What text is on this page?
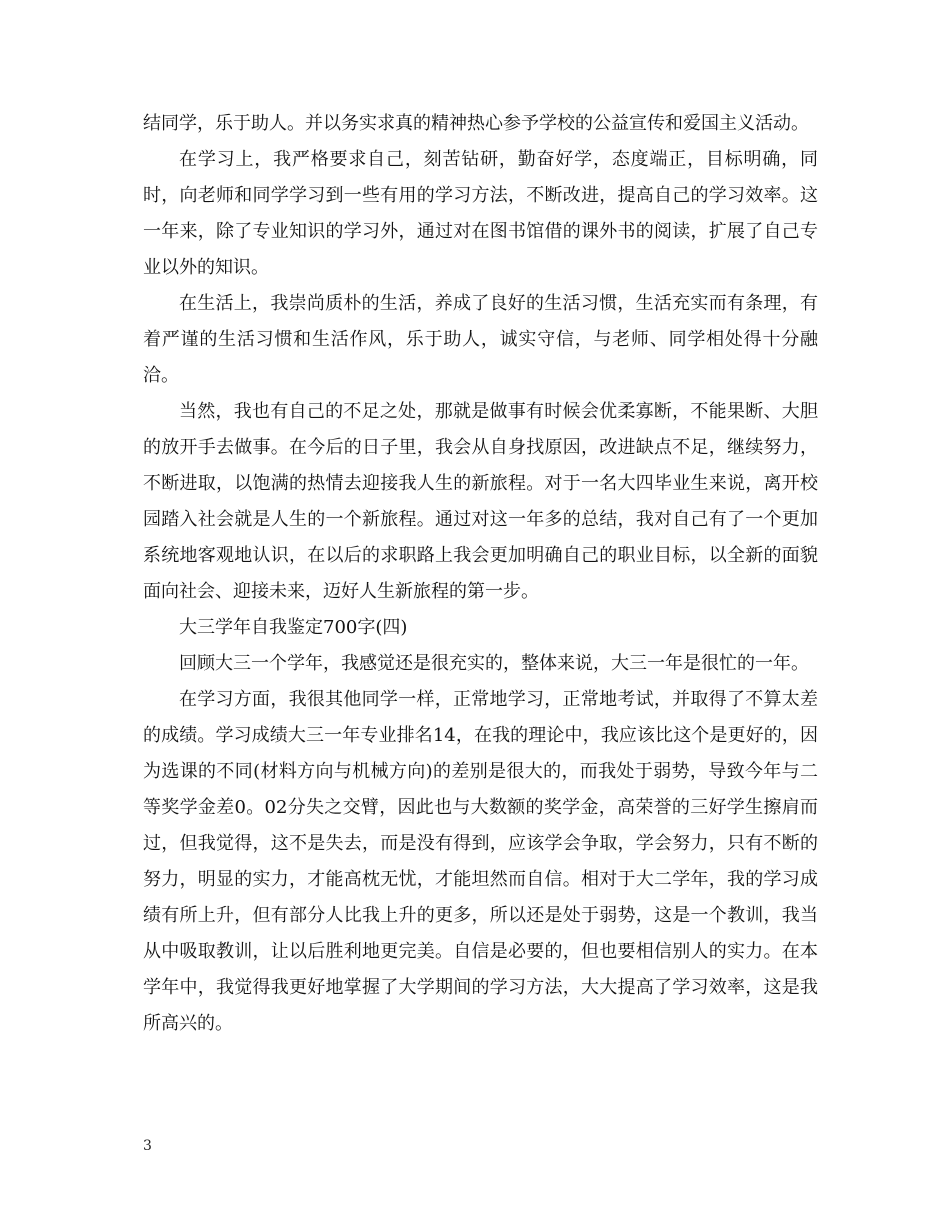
结同学，乐于助人。并以务实求真的精神热心参予学校的公益宣传和爱国主义活动。

在学习上，我严格要求自己，刻苦钻研，勤奋好学，态度端正，目标明确，同时，向老师和同学学习到一些有用的学习方法，不断改进，提高自己的学习效率。这一年来，除了专业知识的学习外，通过对在图书馆借的课外书的阅读，扩展了自己专业以外的知识。

在生活上，我崇尚质朴的生活，养成了良好的生活习惯，生活充实而有条理，有着严谨的生活习惯和生活作风，乐于助人，诚实守信，与老师、同学相处得十分融洽。

当然，我也有自己的不足之处，那就是做事有时候会优柔寡断，不能果断、大胆的放开手去做事。在今后的日子里，我会从自身找原因，改进缺点不足，继续努力，不断进取，以饱满的热情去迎接我人生的新旅程。对于一名大四毕业生来说，离开校园踏入社会就是人生的一个新旅程。通过对这一年多的总结，我对自己有了一个更加系统地客观地认识，在以后的求职路上我会更加明确自己的职业目标，以全新的面貌面向社会、迎接未来，迈好人生新旅程的第一步。

大三学年自我鉴定700字(四)

回顾大三一个学年，我感觉还是很充实的，整体来说，大三一年是很忙的一年。

在学习方面，我很其他同学一样，正常地学习，正常地考试，并取得了不算太差的成绩。学习成绩大三一年专业排名14，在我的理论中，我应该比这个是更好的，因为选课的不同(材料方向与机械方向)的差别是很大的，而我处于弱势，导致今年与二等奖学金差0。02分失之交臂，因此也与大数额的奖学金，高荣誉的三好学生擦肩而过，但我觉得，这不是失去，而是没有得到，应该学会争取，学会努力，只有不断的努力，明显的实力，才能高枕无忧，才能坦然而自信。相对于大二学年，我的学习成绩有所上升，但有部分人比我上升的更多，所以还是处于弱势，这是一个教训，我当从中吸取教训，让以后胜利地更完美。自信是必要的，但也要相信别人的实力。在本学年中，我觉得我更好地掌握了大学期间的学习方法，大大提高了学习效率，这是我所高兴的。

3
